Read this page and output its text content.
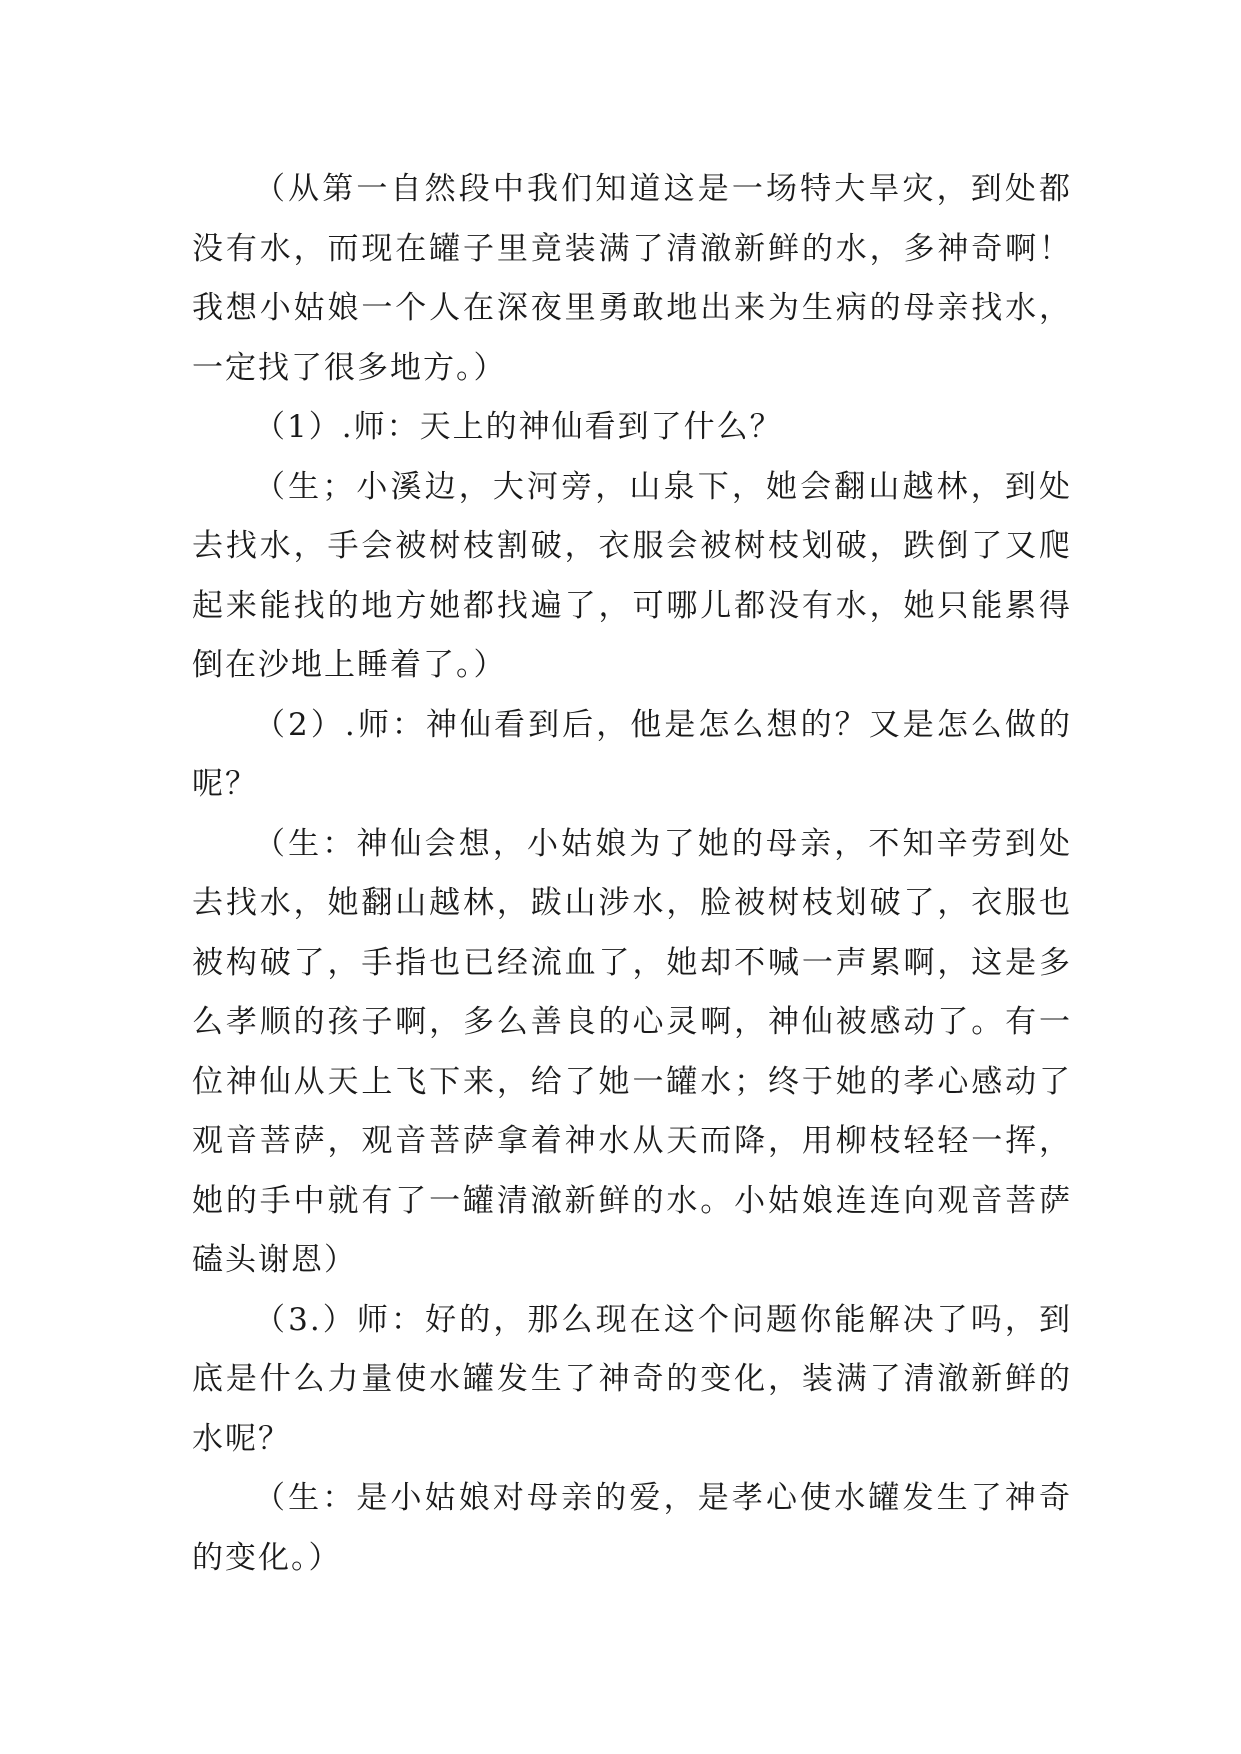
（从第一自然段中我们知道这是一场特大旱灾，到处都没有水，而现在罐子里竟装满了清澈新鲜的水，多神奇啊！我想小姑娘一个人在深夜里勇敢地出来为生病的母亲找水，一定找了很多地方。）

（1）.师：天上的神仙看到了什么？

（生；小溪边，大河旁，山泉下，她会翻山越林，到处去找水，手会被树枝割破，衣服会被树枝划破，跌倒了又爬起来能找的地方她都找遍了，可哪儿都没有水，她只能累得倒在沙地上睡着了。）

（2）.师：神仙看到后，他是怎么想的？又是怎么做的呢？

（生：神仙会想，小姑娘为了她的母亲，不知辛劳到处去找水，她翻山越林，跋山涉水，脸被树枝划破了，衣服也被构破了，手指也已经流血了，她却不喊一声累啊，这是多么孝顺的孩子啊，多么善良的心灵啊，神仙被感动了。有一位神仙从天上飞下来，给了她一罐水；终于她的孝心感动了观音菩萨，观音菩萨拿着神水从天而降，用柳枝轻轻一挥，她的手中就有了一罐清澈新鲜的水。小姑娘连连向观音菩萨磕头谢恩）

（3.）师：好的，那么现在这个问题你能解决了吗，到底是什么力量使水罐发生了神奇的变化，装满了清澈新鲜的水呢？

（生：是小姑娘对母亲的爱，是孝心使水罐发生了神奇的变化。）
